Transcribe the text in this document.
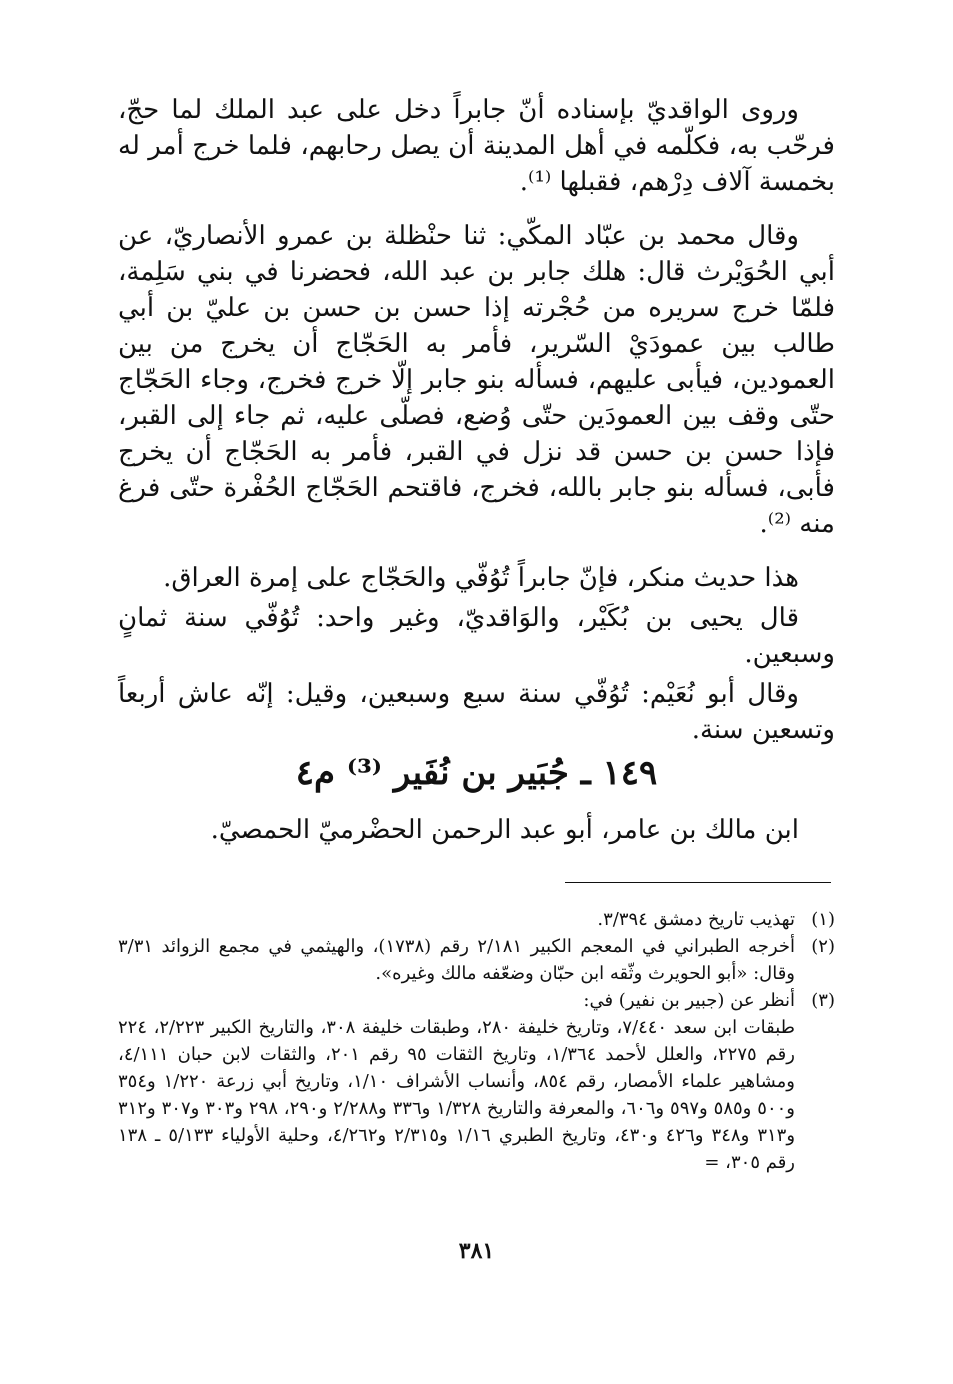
وروى الواقديّ بإسناده أنّ جابراً دخل على عبد الملك لما حجّ، فرحّب به، فكلّمه في أهل المدينة أن يصل رحابهم، فلما خرج أمر له بخمسة آلاف دِرْهم، فقبلها ⁽¹⁾.

وقال محمد بن عبّاد المكّي: ثنا حنْظلة بن عمرو الأنصاريّ، عن أبي الحُوَيْرث قال: هلك جابر بن عبد الله، فحضرنا في بني سَلِمة، فلمّا خرج سريره من حُجْرته إذا حسن بن حسن بن عليّ بن أبي طالب بين عمودَيْ السّرير، فأمر به الحَجّاج أن يخرج من بين العمودين، فيأبى عليهم، فسأله بنو جابر إلّا خرج فخرج، وجاء الحَجّاج حتّى وقف بين العمودَين حتّى وُضع، فصلّى عليه، ثم جاء إلى القبر، فإذا حسن بن حسن قد نزل في القبر، فأمر به الحَجّاج أن يخرج فأبى، فسأله بنو جابر بالله، فخرج، فاقتحم الحَجّاج الحُفْرة حتّى فرغ منه ⁽²⁾.

هذا حديث منكر، فإنّ جابراً تُوُفّي والحَجّاج على إمرة العراق.

قال يحيى بن بُكَيْر، والوَاقديّ، وغير واحد: تُوُفّي سنة ثمانٍ وسبعين.

وقال أبو نُعَيْم: تُوُفّي سنة سبع وسبعين، وقيل: إنّه عاش أربعاً وتسعين سنة.

١٤٩ ـ جُبَير بن نُفَير ⁽³⁾ م٤
ابن مالك بن عامر، أبو عبد الرحمن الحضْرميّ الحمصيّ.
(١)
تهذيب تاريخ دمشق ٣/٣٩٤.
(٢)
أخرجه الطبراني في المعجم الكبير ٢/١٨١ رقم (١٧٣٨)، والهيثمي في مجمع الزوائد ٣/٣١ وقال: «أبو الحويرث وثّقه ابن حبّان وضعّفه مالك وغيره».
(٣)
أنظر عن (جبير بن نفير) في:
طبقات ابن سعد ٧/٤٤٠، وتاريخ خليفة ٢٨٠، وطبقات خليفة ٣٠٨، والتاريخ الكبير ٢/٢٢٣، ٢٢٤ رقم ٢٢٧٥، والعلل لأحمد ١/٣٦٤، وتاريخ الثقات ٩٥ رقم ٢٠١، والثقات لابن حبان ٤/١١١، ومشاهير علماء الأمصار، رقم ٨٥٤، وأنساب الأشراف ١/١٠، وتاريخ أبي زرعة ١/٢٢٠ و٣٥٤ و٥٠٠ و٥٨٥ و٥٩٧ و٦٠٦، والمعرفة والتاريخ ١/٣٢٨ و٣٣٦ و٢/٢٨٨ و٢٩٠، ٢٩٨ و٣٠٣ و٣٠٧ و٣١٢ و٣١٣ و٣٤٨ و٤٢٦ و٤٣٠، وتاريخ الطبري ١/١٦ و٢/٣١٥ و٤/٢٦٢، وحلية الأولياء ٥/١٣٣ ـ ١٣٨ رقم ٣٠٥، =
٣٨١
